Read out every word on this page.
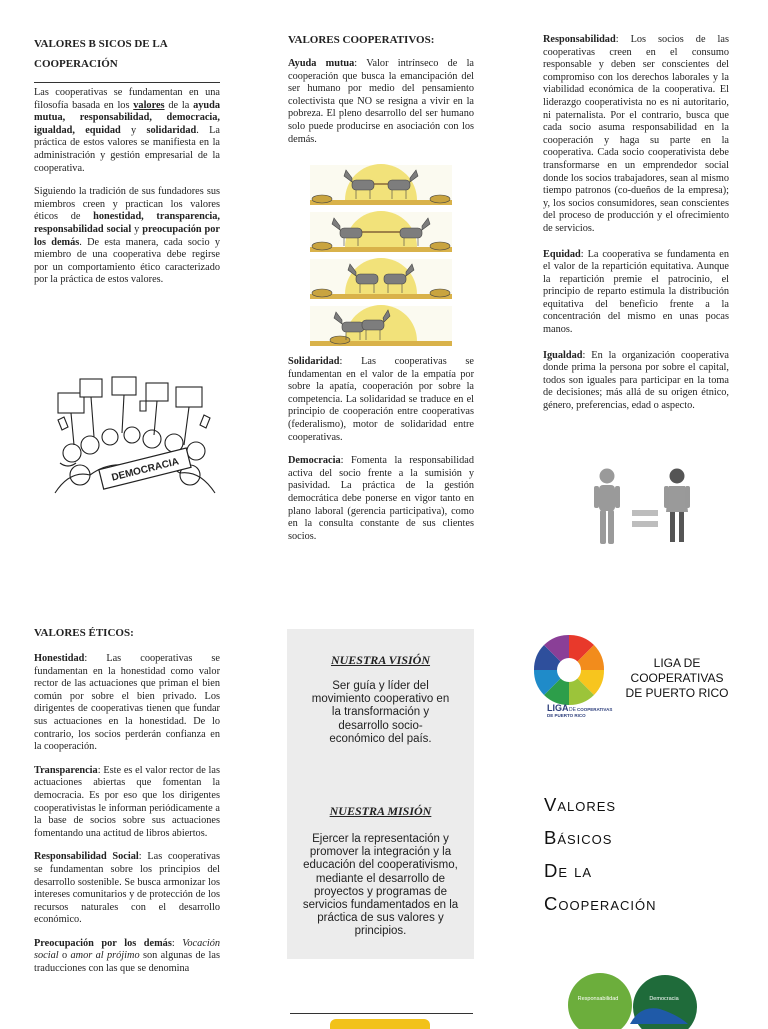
VALORES B SICOS DE LA
COOPERACIÓN

Las cooperativas se fundamentan en una filosofía basada en los valores de la ayuda mutua, responsabilidad, democracia, igualdad, equidad y solidaridad. La práctica de estos valores se manifiesta en la administración y gestión empresarial de la cooperativa.

Siguiendo la tradición de sus fundadores sus miembros creen y practican los valores éticos de honestidad, transparencia, responsabilidad social y preocupación por los demás. De esta manera, cada socio y miembro de una cooperativa debe regirse por un comportamiento ético caracterizado por la práctica de estos valores.

DEMOCRACIA
VALORES COOPERATIVOS:

Ayuda mutua: Valor intrínseco de la cooperación que busca la emancipación del ser humano por medio del pensamiento colectivista que NO se resigna a vivir en la pobreza. El pleno desarrollo del ser humano solo puede producirse en asociación con los demás.

Solidaridad: Las cooperativas se fundamentan en el valor de la empatía por sobre la apatía, cooperación por sobre la competencia. La solidaridad se traduce en el principio de cooperación entre cooperativas (federalismo), motor de solidaridad entre cooperativas.

Democracia: Fomenta la responsabilidad activa del socio frente a la sumisión y pasividad. La práctica de la gestión democrática debe ponerse en vigor tanto en plano laboral (gerencia participativa), como en la consulta constante de sus clientes socios.

Responsabilidad: Los socios de las cooperativas creen en el consumo responsable y deben ser conscientes del compromiso con los derechos laborales y la viabilidad económica de la cooperativa. El liderazgo cooperativista no es ni autoritario, ni paternalista. Por el contrario, busca que cada socio asuma responsabilidad en la cooperación y haga su parte en la cooperativa. Cada socio cooperativista debe transformarse en un emprendedor social donde los socios trabajadores, sean al mismo tiempo patronos (co-dueños de la empresa); y, los socios consumidores, sean conscientes del proceso de producción y el ofrecimiento de servicios.

Equidad: La cooperativa se fundamenta en el valor de la repartición equitativa. Aunque la repartición premie el patrocinio, el principio de reparto estimula la distribución equitativa del beneficio frente a la concentración del mismo en unas pocas manos.

Igualdad: En la organización cooperativa donde prima la persona por sobre el capital, todos son iguales para participar en la toma de decisiones; más allá de su origen étnico, género, preferencias, edad o aspecto.

VALORES ÉTICOS:

Honestidad: Las cooperativas se fundamentan en la honestidad como valor rector de las actuaciones que priman el bien común por sobre el bien privado. Los dirigentes de cooperativas tienen que fundar sus actuaciones en la honestidad. De lo contrario, los socios perderán confianza en la cooperación.

Transparencia: Este es el valor rector de las actuaciones abiertas que fomentan la democracia. Es por eso que los dirigentes cooperativistas le informan periódicamente a la base de socios sobre sus actuaciones fomentando una actitud de libros abiertos.

Responsabilidad Social: Las cooperativas se fundamentan sobre los principios del desarrollo sostenible. Se busca armonizar los intereses comunitarios y de protección de los recursos naturales con el desarrollo económico.

Preocupación por los demás: Vocación social o amor al prójimo son algunas de las traducciones con las que se denomina

NUESTRA VISIÓN
Ser guía y líder del movimiento cooperativo en la transformación y desarrollo socio-económico del país.
NUESTRA MISIÓN
Ejercer la representación y promover la integración y la educación del cooperativismo, mediante el desarrollo de proyectos y programas de servicios fundamentados en la práctica de sus valores y principios.
LIGA DE COOPERATIVAS
DE PUERTO RICO
LIGA DE
COOPERATIVAS
DE PUERTO RICO
Valores
Básicos
De la
Cooperación
Responsabilidad	Democracia
